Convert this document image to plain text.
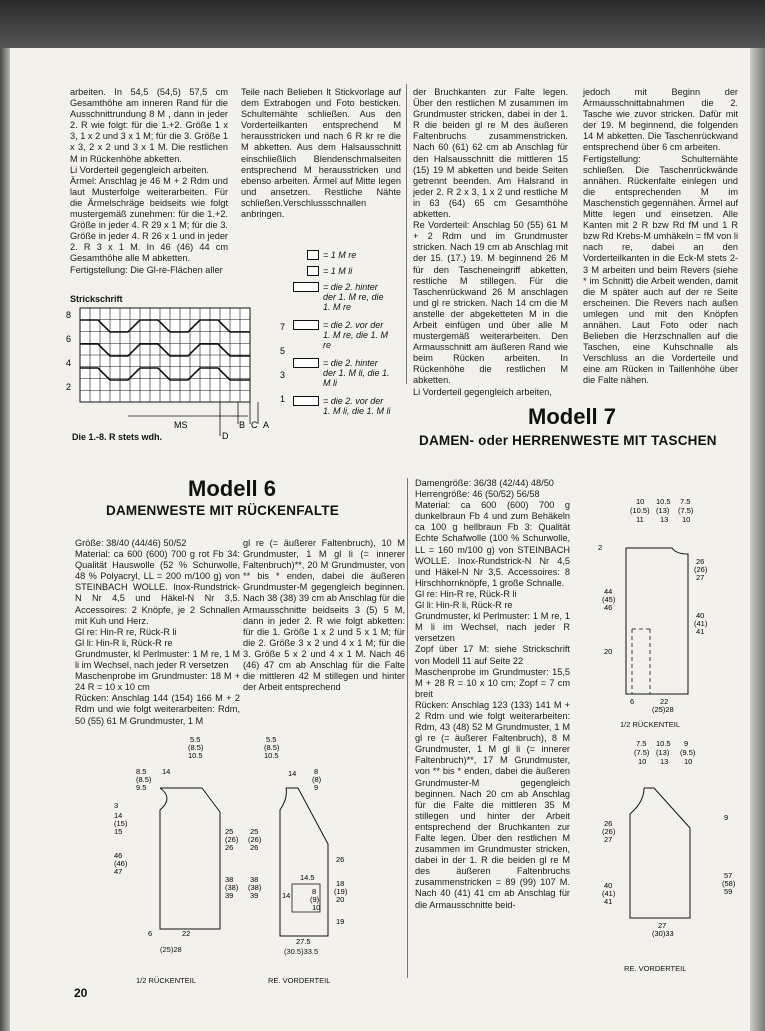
arbeiten. In 54,5 (54,5) 57,5 cm Gesamthöhe am inneren Rand für die Ausschnittrundung 8 M , dann in jeder 2. R wie folgt: für die 1.+2. Größe 1 x 3, 1 x 2 und 3 x 1 M; für die 3. Größe 1 x 3, 2 x 2 und 3 x 1 M. Die restlichen M in Rückenhöhe abketten.
Li Vorderteil gegengleich arbeiten.
Ärmel: Anschlag je 46 M + 2 Rdm und laut Musterfolge weiterarbeiten. Für die Ärmelschräge beidseits wie folgt mustergemäß zunehmen: für die 1.+2. Größe in jeder 4. R 29 x 1 M; für die 3. Größe in jeder 4. R 26 x 1 und in jeder 2. R 3 x 1 M. In 46 (46) 44 cm Gesamthöhe alle M abketten.
Fertigstellung: Die Gl-re-Flächen aller
Teile nach Belieben lt Stickvorlage auf dem Extrabogen und Foto besticken. Schulternähte schließen. Aus den Vorderteilkanten entsprechend M herausstricken und nach 6 R kr re die M abketten. Aus dem Halsausschnitt einschließlich Blendenschmalseiten entsprechend M herausstricken und ebenso arbeiten. Ärmel auf Mitte legen und ansetzen. Restliche Nähte schließen.Verschlussschnallen anbringen.
der Bruchkanten zur Falte legen. Über den restlichen M zusammen im Grundmuster stricken, dabei in der 1. R die beiden gl re M des äußeren Faltenbruchs zusammenstricken. Nach 60 (61) 62 cm ab Anschlag für den Halsausschnitt die mittleren 15 (15) 19 M abketten und beide Seiten getrennt beenden. Am Halsrand in jeder 2. R 2 x 3, 1 x 2 und restliche M in 63 (64) 65 cm Gesamthöhe abketten.
Re Vorderteil: Anschlag 50 (55) 61 M + 2 Rdm und im Grundmuster stricken. Nach 19 cm ab Anschlag mit der 15. (17.) 19. M beginnend 26 M für den Tascheneingriff abketten, restliche M stillegen. Für die Taschenrückwand 26 M anschlagen und gl re stricken. Nach 14 cm die M anstelle der abgeketteten M in die Arbeit einfügen und über alle M mustergemäß weiterarbeiten. Den Armausschnitt am äußeren Rand wie beim Rücken arbeiten. In Rückenhöhe die restlichen M abketten.
Li Vorderteil gegengleich arbeiten,
jedoch mit Beginn der Armausschnittabnahmen die 2. Tasche wie zuvor stricken. Dafür mit der 19. M beginnend, die folgenden 14 M abketten. Die Taschenrückwand entsprechend über 6 cm arbeiten.
Fertigstellung: Schulternähte schließen. Die Taschenrückwände annähen. Rückenfalte einlegen und die entsprechenden M im Maschenstich gegennähen. Ärmel auf Mitte legen und einsetzen. Alle Kanten mit 2 R bzw Rd fM und 1 R bzw Rd Krebs-M umhäkeln = fM von li nach re, dabei an den Vorderteilkanten in die Eck-M stets 2-3 M arbeiten und beim Revers (siehe * im Schnitt) die Arbeit wenden, damit die M später auch auf der re Seite erscheinen. Die Revers nach außen umlegen und mit den Knöpfen annähen. Laut Foto oder nach Belieben die Herzschnallen auf die Taschen, eine Kuhschnalle als Verschluss an die Vorderteile und eine am Rücken in Taillenhöhe über die Falte nähen.
Strickschrift
8
6
4
2
7
5
3
1
MS	B C A
D
Die 1.-8. R stets wdh.
= 1 M re
= 1 M li
= die 2. hinter der 1. M re, die 1. M re
= die 2. vor der 1. M re, die 1. M re
= die 2. hinter der 1. M li, die 1. M li
= die 2. vor der 1. M li, die 1. M li
Modell 6
DAMENWESTE MIT RÜCKENFALTE
Größe: 38/40 (44/46) 50/52
Material: ca 600 (600) 700 g rot Fb 34: Qualität Hauswolle (52 % Schurwolle, 48 % Polyacryl, LL = 200 m/100 g) von STEINBACH WOLLE. Inox-Rundstrick-N Nr 4,5 und Häkel-N Nr 3,5. Accessoires: 2 Knöpfe, je 2 Schnallen mit Kuh und Herz.
Gl re: Hin-R re, Rück-R li
Gl li: Hin-R li, Rück-R re
Grundmuster, kl Perlmuster: 1 M re, 1 M li im Wechsel, nach jeder R versetzen
Maschenprobe im Grundmuster: 18 M + 24 R = 10 x 10 cm
Rücken: Anschlag 144 (154) 166 M + 2 Rdm und wie folgt weiterarbeiten: Rdm, 50 (55) 61 M Grundmuster, 1 M
gl re (= äußerer Faltenbruch), 10 M Grundmuster, 1 M gl li (= innerer Faltenbruch)**, 20 M Grundmuster, von ** bis * enden, dabei die äußeren Grundmuster-M gegengleich beginnen. Nach 38 (38) 39 cm ab Anschlag für die Armausschnitte beidseits 3 (5) 5 M, dann in jeder 2. R wie folgt abketten: für die 1. Größe 1 x 2 und 5 x 1 M; für die 2. Größe 3 x 2 und 4 x 1 M; für die 3. Größe 5 x 2 und 4 x 1 M. Nach 46 (46) 47 cm ab Anschlag für die Falte die mittleren 42 M stillegen und hinter der Arbeit entsprechend
Modell 7
DAMEN- oder HERRENWESTE MIT TASCHEN
Damengröße: 36/38 (42/44) 48/50
Herrengröße: 46 (50/52) 56/58
Material: ca 600 (600) 700 g dunkelbraun Fb 4 und zum Behäkeln ca 100 g hellbraun Fb 3: Qualität Echte Schafwolle (100 % Schurwolle, LL = 160 m/100 g) von STEINBACH WOLLE. Inox-Rundstrick-N Nr 4,5 und Häkel-N Nr 3,5. Accessoires: 8 Hirschhornknöpfe, 1 große Schnalle.
Gl re: Hin-R re, Rück-R li
Gl li: Hin-R li, Rück-R re
Grundmuster, kl Perlmuster: 1 M re, 1 M li im Wechsel, nach jeder R versetzen
Zopf über 17 M: siehe Strickschrift von Modell 11 auf Seite 22
Maschenprobe im Grundmuster: 15,5 M + 28 R = 10 x 10 cm; Zopf = 7 cm breit
Rücken: Anschlag 123 (133) 141 M + 2 Rdm und wie folgt weiterarbeiten: Rdm, 43 (48) 52 M Grundmuster, 1 M gl re (= äußerer Faltenbruch), 8 M Grundmuster, 1 M gl li (= innerer Faltenbruch)**, 17 M Grundmuster, von ** bis * enden, dabei die äußeren Grundmuster-M gegengleich beginnen. Nach 20 cm ab Anschlag für die Falte die mittleren 35 M stillegen und hinter der Arbeit entsprechend der Bruchkanten zur Falte legen. Über den restlichen M zusammen im Grundmuster stricken, dabei in der 1. R die beiden gl re M des äußeren Faltenbruchs zusammenstricken = 89 (99) 107 M. Nach 40 (41) 41 cm ab Anschlag für die Armausschnitte beid-
5.5
(8.5)
10.5
8.5
(8.5)
9.5
14
3
14
(15)
15
46
(46)
47
25
(26)
26
38
(38)
39
6	22
(25)28
1/2 RÜCKENTEIL
5.5
(8.5)
10.5
14 8
(8)
9
25
(26)
26
38
(38)
39
26
18
(19)
20
19
14.5
14	8
(9)
10
27.5
(30.5)33.5
RE. VORDERTEIL
10 10.5 7.5
(10.5) (13) (7.5)
11 13 10
2
44
(45)
46
20
26
(26)
27
40
(41)
41
6	22
(25)28
1/2 RÜCKENTEIL
7.5 10.5 9
(7.5) (13) (9.5)
10 13 10
26
(26)
27
40
(41)
41
9
57
(58)
59
27
(30)33
RE. VORDERTEIL
20
